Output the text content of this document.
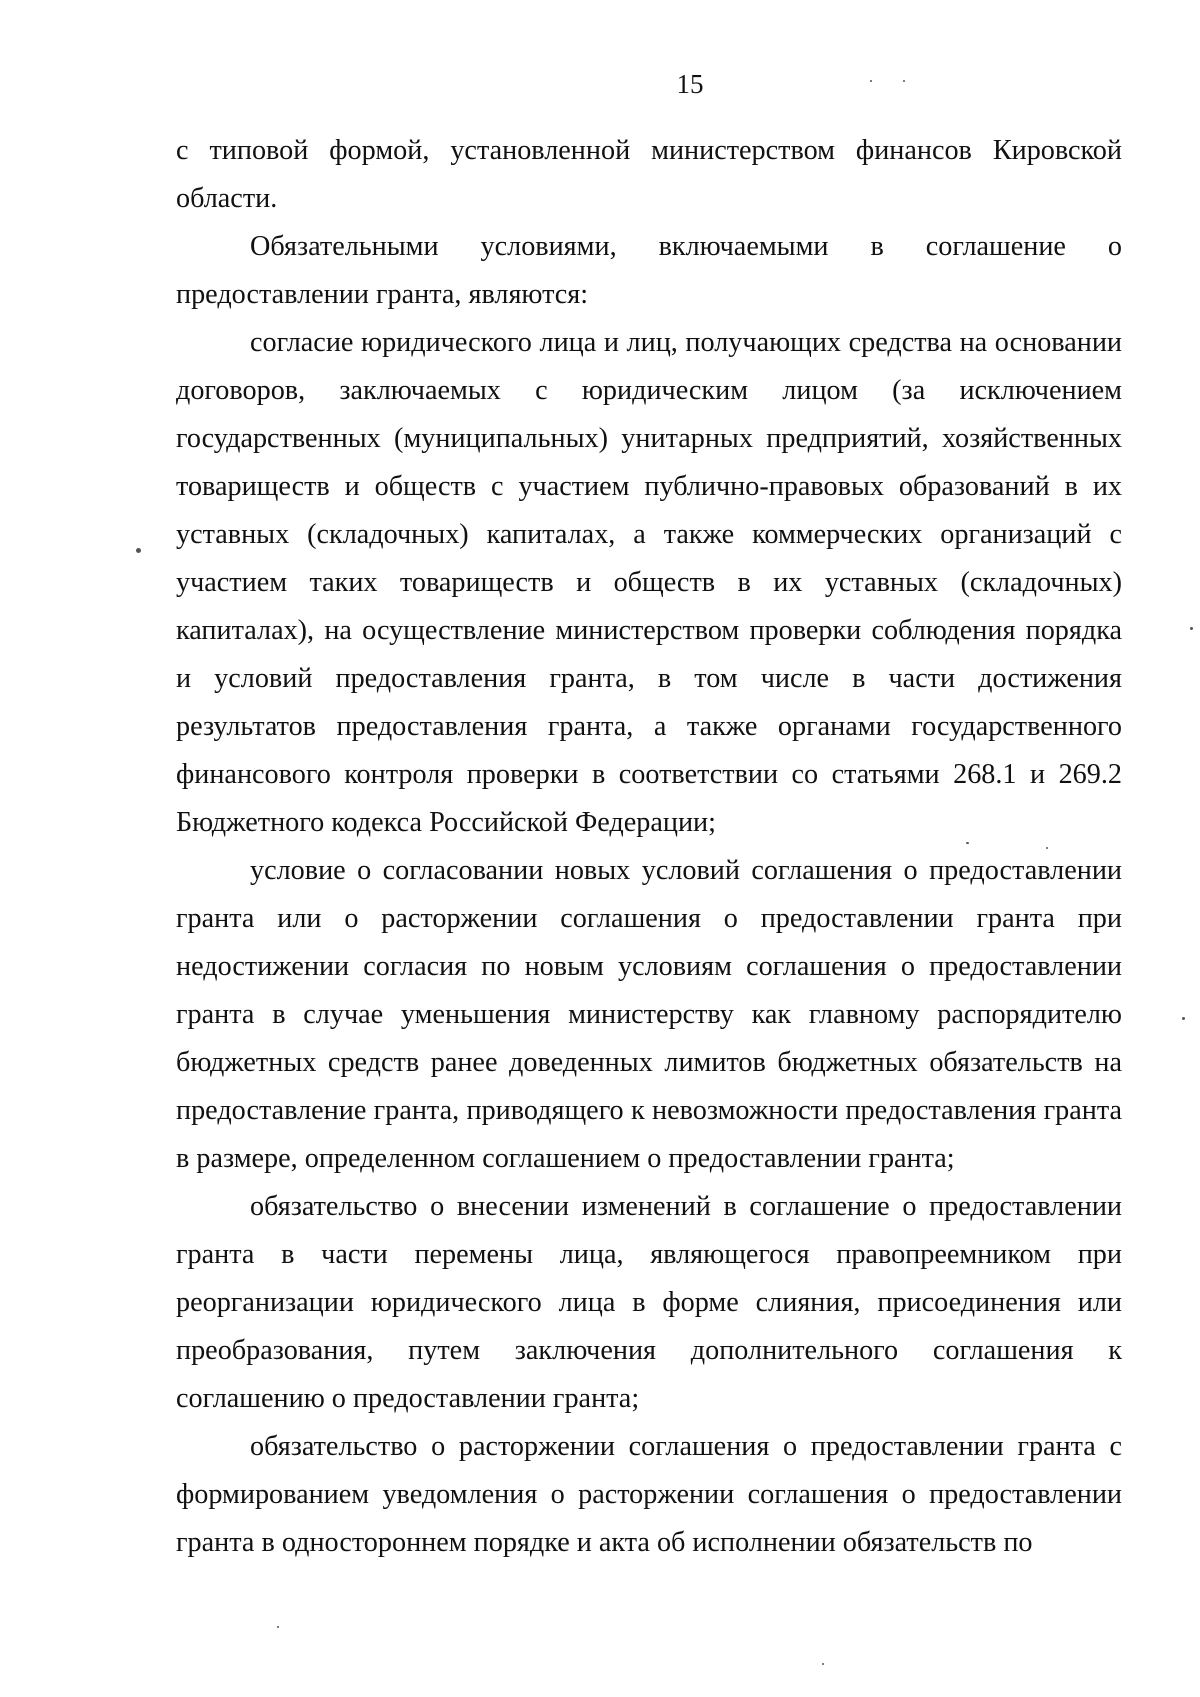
15

с типовой формой, установленной министерством финансов Кировской области.

Обязательными условиями, включаемыми в соглашение о предоставлении гранта, являются:

согласие юридического лица и лиц, получающих средства на основании договоров, заключаемых с юридическим лицом (за исключением государственных (муниципальных) унитарных предприятий, хозяйственных товариществ и обществ с участием публично-правовых образований в их уставных (складочных) капиталах, а также коммерческих организаций с участием таких товариществ и обществ в их уставных (складочных) капиталах), на осуществление министерством проверки соблюдения порядка и условий предоставления гранта, в том числе в части достижения результатов предоставления гранта, а также органами государственного финансового контроля проверки в соответствии со статьями 268.1 и 269.2 Бюджетного кодекса Российской Федерации;

условие о согласовании новых условий соглашения о предоставлении гранта или о расторжении соглашения о предоставлении гранта при недостижении согласия по новым условиям соглашения о предоставлении гранта в случае уменьшения министерству как главному распорядителю бюджетных средств ранее доведенных лимитов бюджетных обязательств на предоставление гранта, приводящего к невозможности предоставления гранта в размере, определенном соглашением о предоставлении гранта;

обязательство о внесении изменений в соглашение о предоставлении гранта в части перемены лица, являющегося правопреемником при реорганизации юридического лица в форме слияния, присоединения или преобразования, путем заключения дополнительного соглашения к соглашению о предоставлении гранта;

обязательство о расторжении соглашения о предоставлении гранта с формированием уведомления о расторжении соглашения о предоставлении гранта в одностороннем порядке и акта об исполнении обязательств по
